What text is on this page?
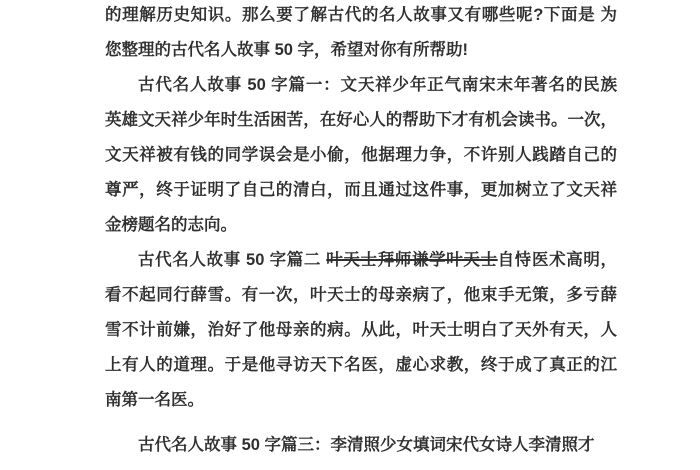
的理解历史知识。那么要了解古代的名人故事又有哪些呢?下面是 为
您整理的古代名人故事 50 字，希望对你有所帮助!
古代名人故事 50 字篇一：文天祥少年正气南宋末年著名的民族
英雄文天祥少年时生活困苦，在好心人的帮助下才有机会读书。一次，
文天祥被有钱的同学误会是小偷，他据理力争，不许别人践踏自己的
尊严，终于证明了自己的清白，而且通过这件事，更加树立了文天祥
金榜题名的志向。
古代名人故事 50 字篇二 叶天士拜师谦学叶天士自恃医术高明，
看不起同行薛雪。有一次，叶天士的母亲病了，他束手无策，多亏薛
雪不计前嫌，治好了他母亲的病。从此，叶天士明白了天外有天，人
上有人的道理。于是他寻访天下名医，虚心求教，终于成了真正的江
南第一名医。
古代名人故事 50 字篇三：李清照少女填词宋代女诗人李清照才
